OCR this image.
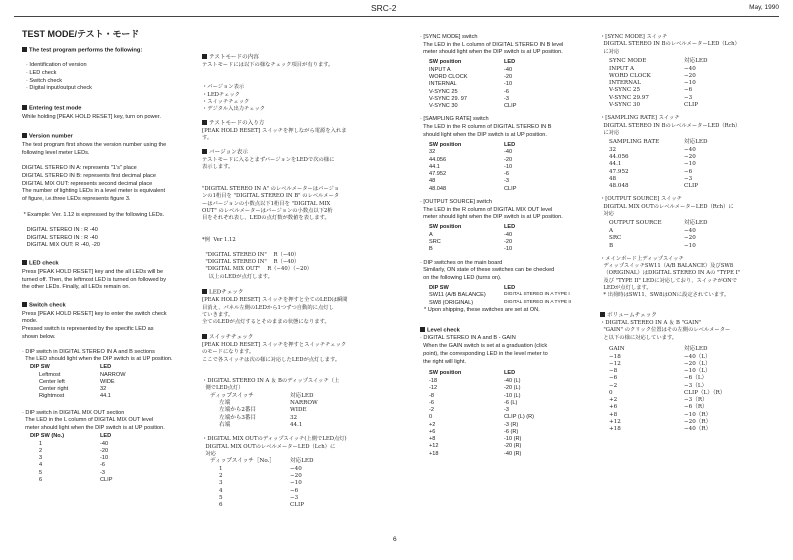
SRC-2	May, 1990
TEST MODE/テスト・モード
The test program performs the following:
· Identification of version
· LED check
· Switch check
· Digital input/output check
Entering test mode
While holding [PEAK HOLD RESET] key, turn on power.
Version number
The test program first shows the version number using the
following level meter LEDs.

DIGITAL STEREO IN A: represents "1's" place
DIGITAL STEREO IN B: represents first decimal place
DIGITAL MIX OUT: represents second decimal place
The number of lighting LEDs in a level meter is equivalent
of figure, i.e.three LEDs represents figure 3.

* Example: Ver. 1.12 is expressed by the following LEDs.

DIGITAL STEREO IN : R -40
DIGITAL STEREO IN : R -40
DIGITAL MIX OUT: R -40, -20
LED check
Press [PEAK HOLD RESET] key and the all LEDs will be
turned off. Then, the leftmost LED is turned on followed by
the other LEDs. Finally, all LEDs remain on.
Switch check
Press [PEAK HOLD RESET] key to enter the switch check
mode.
Pressed switch is represented by the specific LED as
shown below.
· DIP switch in DIGITAL STEREO IN A and B sections
The LED should light when the DIP switch is at UP position.
DIP SW	LED
Leftmost	NARROW
Center left	WIDE
Center right	32
Rightmost	44.1
· DIP switch in DIGITAL MIX OUT section
The LED in the L column of DIGITAL MIX OUT level
meter should light when the DIP switch is at UP position.
DIP SW (No.)	LED
1	-40
2	-20
3	-10
4	-6
5	-3
6	CLIP
テストモードの内容
テストモードには以下の様なチェック項目が有ります。

・バージョン表示
・LEDチェック
・スイッチチェック
・デジタル入出力チェック
テストモードの入り方
[PEAK HOLD RESET] スイッチを押しながら電源を入れま
す。
バージョン表示
テストモードに入るとまずバージョンをLEDで次の様に
表示します。

"DIGITAL STEREO IN A" のレベルメーターはバージョ
ンの1桁目を "DIGITAL STEREO IN B" のレベルメータ
ーはバージョンの小数点以下1桁目を "DIGITAL MIX
OUT" のレベルメーターはバージョンの小数点以下2桁
目をそれぞれ表し、LEDの点灯数が数値を表します。

*例  Ver 1.12

"DIGITAL STEREO IN"    R（−40）
"DIGITAL STEREO IN"    R（−40）
"DIGITAL MIX OUT"    R（−40）（−20）
以上のLEDが点灯します。
LEDチェック
[PEAK HOLD RESET] スイッチを押すと全てのLEDは瞬間
目消え、パネル左側のLEDから1つずつ自動的に点灯し
ていきます。
全てのLEDが点灯するとそのままの状態になります。
スイッチチェック
[PEAK HOLD RESET] スイッチを押すとスイッチチェック
のモードになります。
ここで各スイッチは次の様に対応したLEDが点灯します。
・DIGITAL STEREO IN A ＆ Bのディップスイッチ（上
側でLED点灯）
ディップスイッチ	対応LED
左端	NARROW
左端から2番目	WIDE
左端から3番目	32
右端	44.1
・DIGITAL MIX OUTのディップスイッチ(上側でLED点灯)
DIGITAL MIX OUTのレベルメーターLED（Lch）に
対応
ディップスイッチ［No.］	対応LED
1	−40
2	−20
3	−10
4	−6
5	−3
6	CLIP
· [SYNC MODE] switch
The LED in the L column of DIGITAL STEREO IN B level
meter should light when the DIP switch is at UP position.
SW position	LED
INPUT A	-40
WORD CLOCK	-20
INTERNAL	-10
V-SYNC 25	-6
V-SYNC 29. 97	-3
V-SYNC 30	CLIP
· [SAMPLING RATE] switch
The LED in the R column of DIGITAL STEREO IN B
should light when the DIP switch is at UP position.
SW position	LED
32	-40
44.056	-20
44.1	-10
47.952	-6
48	-3
48.048	CLIP
· [OUTPUT SOURCE] switch
The LED in the R column of DIGITAL MIX OUT level
meter should light when the DIP switch is at UP position.
SW position	LED
A	-40
SRC	-20
B	-10
· DIP switches on the main board
Similarly, ON state of these switches can be checked
on the following LED (turns on).
DIP SW	LED
SW11 (A/B BALANCE)	DIGITAL STEREO IN A TYPE I
SW8 (ORIGINAL)	DIGITAL STEREO IN A TYPE II
* Upon shipping, these switches are set at ON.
Level check
· DIGITAL STEREO IN A and B - GAIN
When the GAIN switch is set at a graduation (click
point), the corresponding LED in the level meter to
the right will light.
SW position	LED
-18	-40 (L)
-12	-20 (L)
-8	-10 (L)
-6	-6 (L)
-2	-3
0	CLIP (L) (R)
+2	-3 (R)
+6	-6 (R)
+8	-10 (R)
+12	-20 (R)
+18	-40 (R)
・[SYNC MODE] スイッチ
DIGITAL STEREO IN BのレベルメーターLED（Lch）
に対応
SYNC MODE	対応LED
INPUT A	−40
WORD CLOCK	−20
INTERNAL	−10
V-SYNC 25	−6
V-SYNC 29.97	−3
V-SYNC 30	CLIP
・[SAMPLING RATE] スイッチ
DIGITAL STEREO IN BのレベルメーターLED（Rch）
に対応
SAMPLING RATE	対応LED
32	−40
44.056	−20
44.1	−10
47.952	−6
48	−3
48.048	CLIP
・[OUTPUT SOURCE] スイッチ
DIGITAL MIX OUTのレベルメーターLED（Rch）に
対応
OUTPUT SOURCE	対応LED
A	−40
SRC	−20
B	−10
・メインボード上ディップスイッチ
ディップスイッチSW11（A/B BALANCE）及びSW8
（ORIGINAL）はDIGITAL STEREO IN Aの "TYPE I"
及び "TYPE II" LEDに対応しており、スイッチがONで
LEDが点灯します。
* 出荷時はSW11、SW8はONに設定されています。
ボリュームチェック
・DIGITAL STEREO IN A ＆ B "GAIN"
"GAIN" のクリック位置はその左側のレベルメーター
と以下の様に対応しています。
GAIN	対応LED
−18	−40（L）
−12	−20（L）
−8	−10（L）
−6	−6（L）
−2	−3（L）
0	CLIP（L）（R）
+2	−3（R）
+6	−6（R）
+8	−10（R）
+12	−20（R）
+18	−40（R）
6
